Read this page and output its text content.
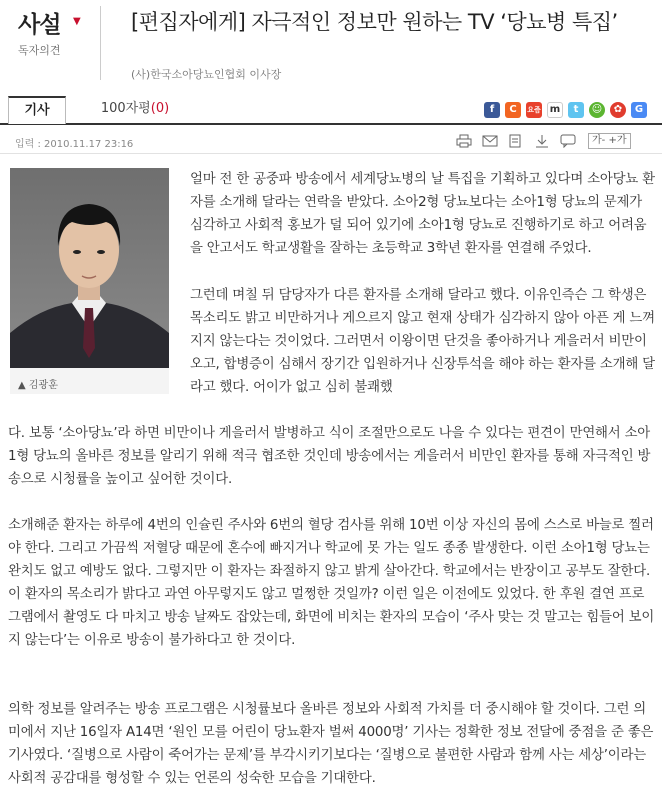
사설 ▼
독자의견
[편집자에게] 자극적인 정보만 원하는 TV ‘당뇨병 특집’
(사)한국소아당뇨인협회 이사장
기사	100자평(0)	f	C	요즘 m	t	☺	✿	G
입력 : 2010.11.17 23:16	가- +가
▲ 김광훈

얼마 전 한 공중파 방송에서 세계당뇨병의 날 특집을 기획하고 있다며 소아당뇨 환자를 소개해 달라는 연락을 받았다. 소아2형 당뇨보다는 소아1형 당뇨의 문제가 심각하고 사회적 홍보가 덜 되어 있기에 소아1형 당뇨로 진행하기로 하고 어려움을 안고서도 학교생활을 잘하는 초등학교 3학년 환자를 연결해 주었다.

그런데 며칠 뒤 담당자가 다른 환자를 소개해 달라고 했다. 이유인즉슨 그 학생은 목소리도 밝고 비만하거나 게으르지 않고 현재 상태가 심각하지 않아 아픈 게 느껴지지 않는다는 것이었다. 그러면서 이왕이면 단것을 좋아하거나 게을러서 비만이 오고, 합병증이 심해서 장기간 입원하거나 신장투석을 해야 하는 환자를 소개해 달라고 했다. 어이가 없고 심히 불쾌했

다. 보통 ‘소아당뇨’라 하면 비만이나 게을러서 발병하고 식이 조절만으로도 나을 수 있다는 편견이 만연해서 소아1형 당뇨의 올바른 정보를 알리기 위해 적극 협조한 것인데 방송에서는 게을러서 비만인 환자를 통해 자극적인 방송으로 시청률을 높이고 싶어한 것이다.

소개해준 환자는 하루에 4번의 인슐린 주사와 6번의 혈당 검사를 위해 10번 이상 자신의 몸에 스스로 바늘로 찔러야 한다. 그리고 가끔씩 저혈당 때문에 혼수에 빠지거나 학교에 못 가는 일도 종종 발생한다. 이런 소아1형 당뇨는 완치도 없고 예방도 없다. 그렇지만 이 환자는 좌절하지 않고 밝게 살아간다. 학교에서는 반장이고 공부도 잘한다. 이 환자의 목소리가 밝다고 과연 아무렇지도 않고 멀쩡한 것일까? 이런 일은 이전에도 있었다. 한 후원 결연 프로그램에서 촬영도 다 마치고 방송 날짜도 잡았는데, 화면에 비치는 환자의 모습이 ‘주사 맞는 것 말고는 힘들어 보이지 않는다’는 이유로 방송이 불가하다고 한 것이다.

의학 정보를 알려주는 방송 프로그램은 시청률보다 올바른 정보와 사회적 가치를 더 중시해야 할 것이다. 그런 의미에서 지난 16일자 A14면 ‘원인 모를 어린이 당뇨환자 벌써 4000명’ 기사는 정확한 정보 전달에 중점을 준 좋은 기사였다. ‘질병으로 사람이 죽어가는 문제’를 부각시키기보다는 ‘질병으로 불편한 사람과 함께 사는 세상’이라는 사회적 공감대를 형성할 수 있는 언론의 성숙한 모습을 기대한다.
